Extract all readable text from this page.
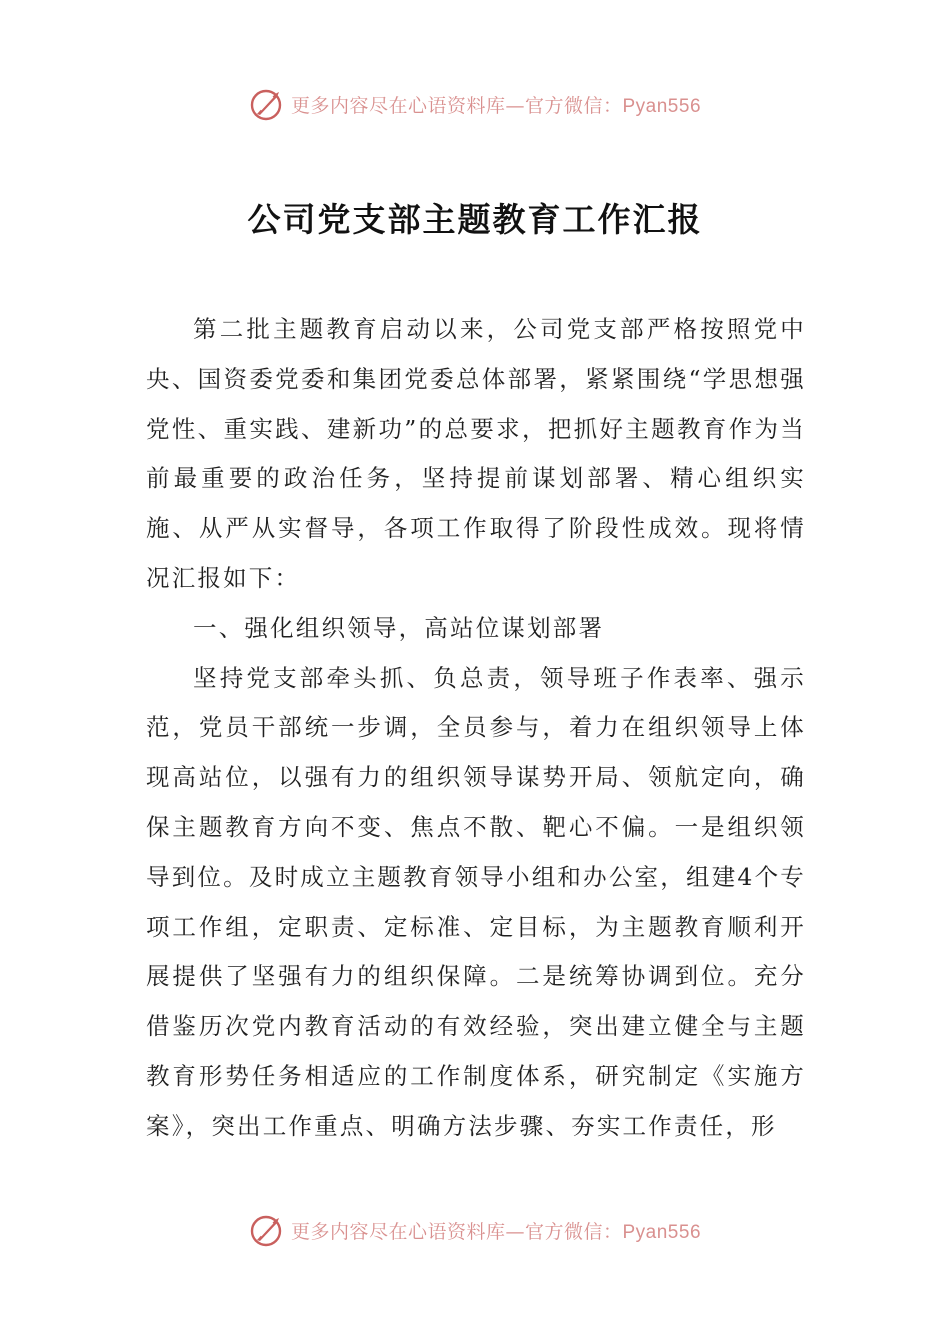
更多内容尽在心语资料库—官方微信：Pyan556
公司党支部主题教育工作汇报

第二批主题教育启动以来，公司党支部严格按照党中央、国资委党委和集团党委总体部署，紧紧围绕“学思想强党性、重实践、建新功”的总要求，把抓好主题教育作为当前最重要的政治任务，坚持提前谋划部署、精心组织实施、从严从实督导，各项工作取得了阶段性成效。现将情况汇报如下：

一、强化组织领导，高站位谋划部署

坚持党支部牵头抓、负总责，领导班子作表率、强示范，党员干部统一步调，全员参与，着力在组织领导上体现高站位，以强有力的组织领导谋势开局、领航定向，确保主题教育方向不变、焦点不散、靶心不偏。一是组织领导到位。及时成立主题教育领导小组和办公室，组建4个专项工作组，定职责、定标准、定目标，为主题教育顺利开展提供了坚强有力的组织保障。二是统筹协调到位。充分借鉴历次党内教育活动的有效经验，突出建立健全与主题教育形势任务相适应的工作制度体系，研究制定《实施方案》，突出工作重点、明确方法步骤、夯实工作责任，形

更多内容尽在心语资料库—官方微信：Pyan556
